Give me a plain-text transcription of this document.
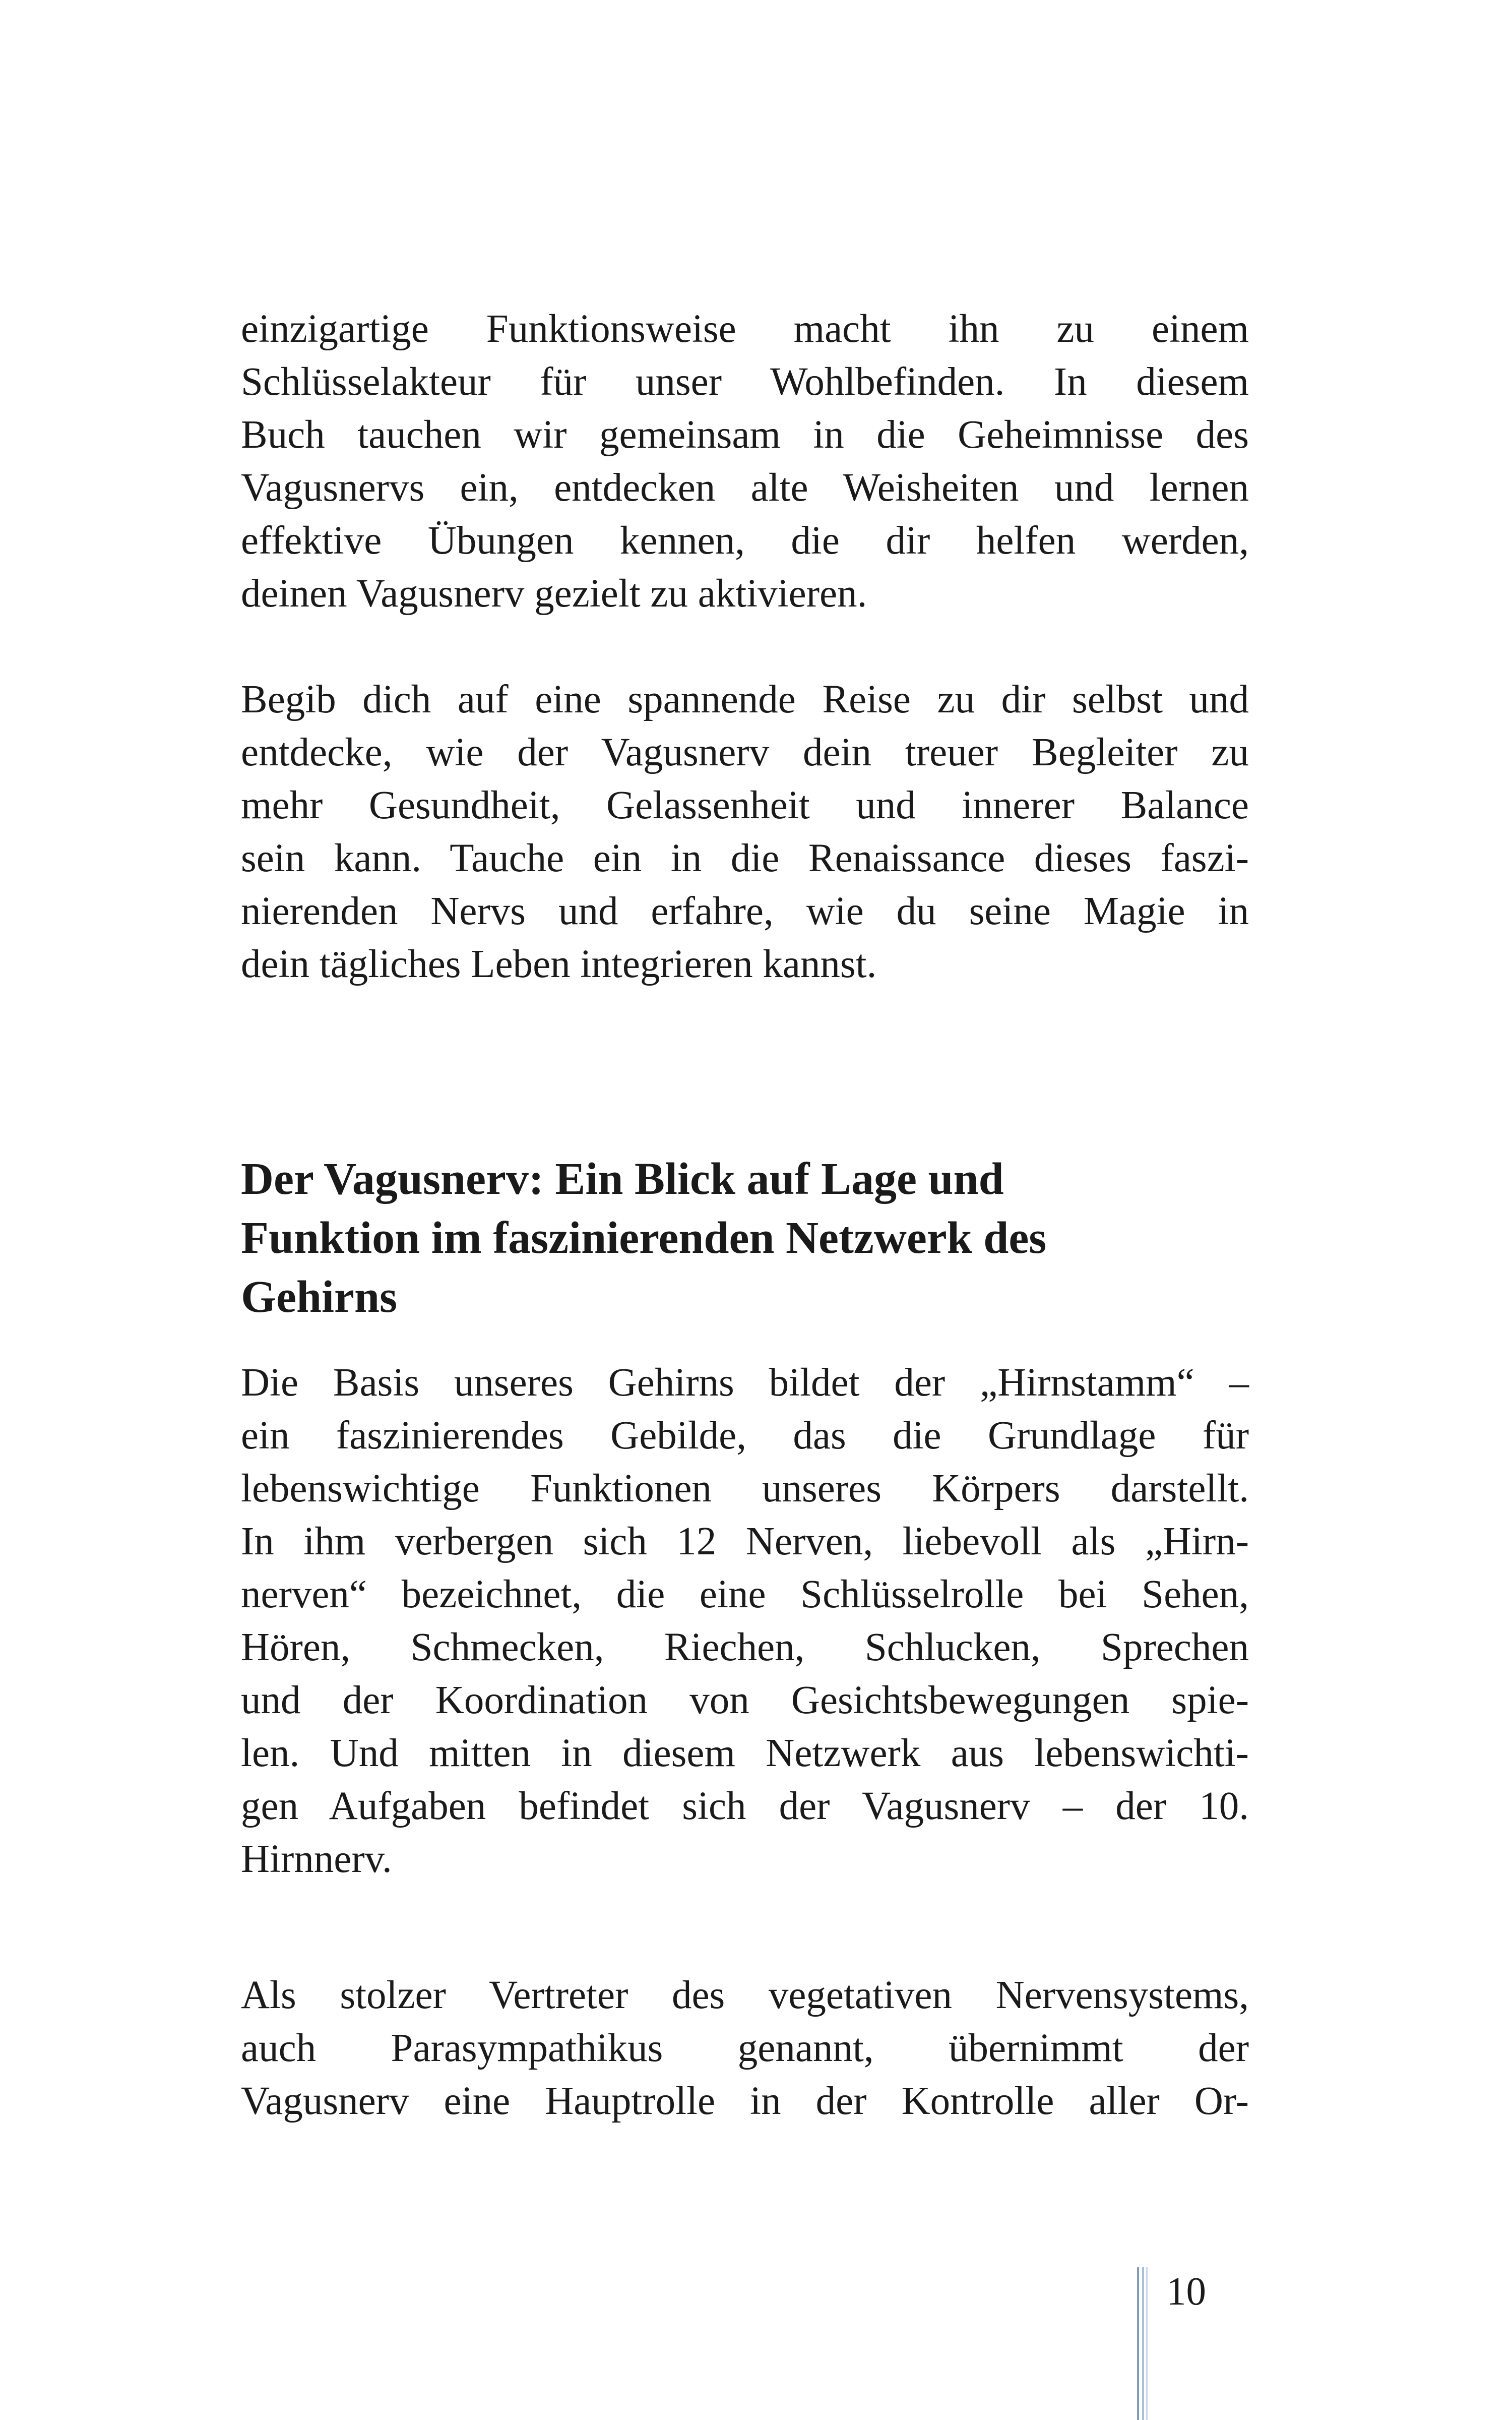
einzigartige Funktionsweise macht ihn zu einem
Schlüsselakteur für unser Wohlbefinden. In diesem
Buch tauchen wir gemeinsam in die Geheimnisse des
Vagusnervs ein, entdecken alte Weisheiten und lernen
effektive Übungen kennen, die dir helfen werden,
deinen Vagusnerv gezielt zu aktivieren.

Begib dich auf eine spannende Reise zu dir selbst und
entdecke, wie der Vagusnerv dein treuer Begleiter zu
mehr Gesundheit, Gelassenheit und innerer Balance
sein kann. Tauche ein in die Renaissance dieses faszi-
nierenden Nervs und erfahre, wie du seine Magie in
dein tägliches Leben integrieren kannst.

Der Vagusnerv: Ein Blick auf Lage und
Funktion im faszinierenden Netzwerk des
Gehirns

Die Basis unseres Gehirns bildet der „Hirnstamm“ –
ein faszinierendes Gebilde, das die Grundlage für
lebenswichtige Funktionen unseres Körpers darstellt.
In ihm verbergen sich 12 Nerven, liebevoll als „Hirn-
nerven“ bezeichnet, die eine Schlüsselrolle bei Sehen,
Hören, Schmecken, Riechen, Schlucken, Sprechen
und der Koordination von Gesichtsbewegungen spie-
len. Und mitten in diesem Netzwerk aus lebenswichti-
gen Aufgaben befindet sich der Vagusnerv – der 10.
Hirnnerv.

Als stolzer Vertreter des vegetativen Nervensystems,
auch Parasympathikus genannt, übernimmt der
Vagusnerv eine Hauptrolle in der Kontrolle aller Or-

10
